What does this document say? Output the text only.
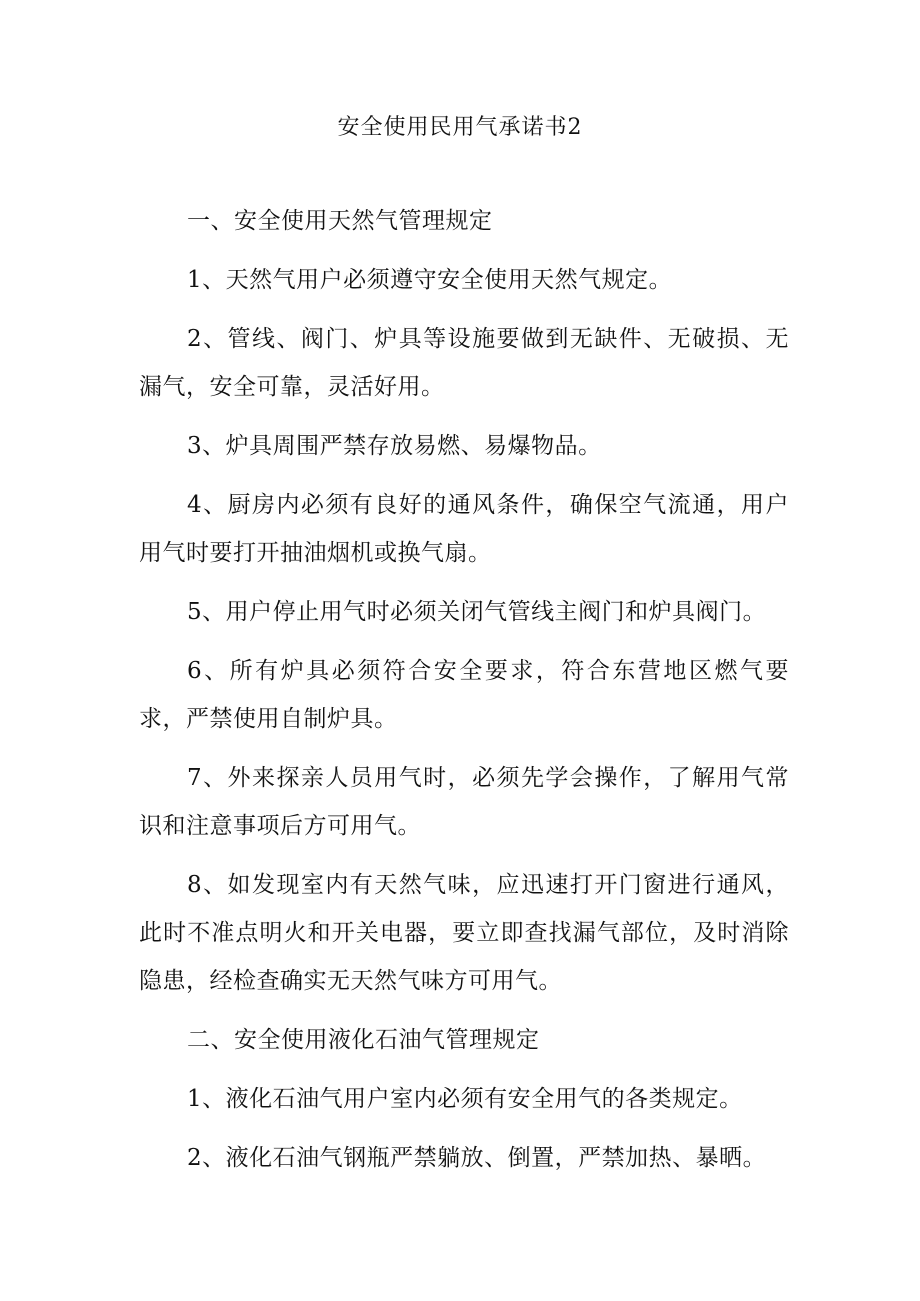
安全使用民用气承诺书2

一、安全使用天然气管理规定

1、天然气用户必须遵守安全使用天然气规定。

2、管线、阀门、炉具等设施要做到无缺件、无破损、无漏气，安全可靠，灵活好用。

3、炉具周围严禁存放易燃、易爆物品。

4、厨房内必须有良好的通风条件，确保空气流通，用户用气时要打开抽油烟机或换气扇。

5、用户停止用气时必须关闭气管线主阀门和炉具阀门。

6、所有炉具必须符合安全要求，符合东营地区燃气要求，严禁使用自制炉具。

7、外来探亲人员用气时，必须先学会操作，了解用气常识和注意事项后方可用气。

8、如发现室内有天然气味，应迅速打开门窗进行通风，此时不准点明火和开关电器，要立即查找漏气部位，及时消除隐患，经检查确实无天然气味方可用气。

二、安全使用液化石油气管理规定

1、液化石油气用户室内必须有安全用气的各类规定。

2、液化石油气钢瓶严禁躺放、倒置，严禁加热、暴晒。
